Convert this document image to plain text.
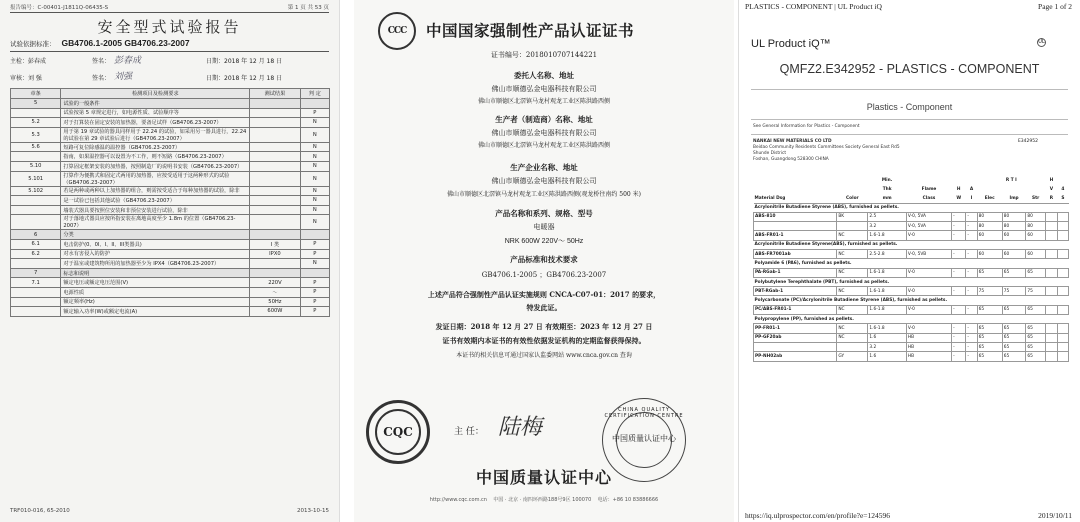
报告编号：C-00401-J1811Q-06435-S	第 1 页 共 53 页
安全型式试验报告
试验依据标准： GB4706.1-2005 GB4706.23-2007
主检：彭春成	签名： 彭春成	日期：2018 年 12 月 18 日
审核：刘 强	签名： 刘强	日期：2018 年 12 月 18 日
章条	检测项目及检测要求	测试结果	判 定
5	试验的一般条件		
	试验按第 5 章规定进行，如电源性质、试验顺序等		P
5.2	对于打算装在固定安装的加热器，要备足试样（GB4706.23-2007）		N
5.3	用于第 19 章试验的器具同样用于 22.24 的试验，如采用另一器具进行，22.24 的试验在第 29 章试验后进行（GB4706.23-2007）		N
5.6	短路可复位除感温的温控器（GB4706.23-2007）		N
	指南，如果温控器可以设置为不工作，则不短路（GB4706.23-2007）		N
5.10	打算固定框架安装的加热器，按照制造厂的说明书安装（GB4706.23-2007）		N
5.101	打算作为便携式和固定式两用的加热器，应按受适用于这两种形式的试验（GB4706.23-2007）		N
5.102	若是两种或两种以上加热器的组合，则需按受适合于每种加热器的试验，除非		N
	是一试验已包括其他试验（GB4706.23-2007）		N
	墙装式器具要按照位安装和非预位安装进行试验，除非		N
	对于落地式器具应按所指安装在离地高度至少 1.8m 的位置（GB4706.23-2007）		N
6	分类		
6.1	电击防护(0、0I、I、II、III类器具)	I 类	P
6.2	对水有害侵入的防护	IPX0	P
	对于温室或建筑物所用的加热器至少为 IPX4（GB4706.23-2007）		N
7	标志和说明		
7.1	额定电压或额定电压范围(V)	220V	P
	电源性质	～	P
	额定频率(Hz)	50Hz	P
	额定输入功率(W)或额定电流(A)	600W	P
TRF010-016, 65-2010	2013-10-15
CCC 中国国家强制性产品认证证书
证书编号：2018010707144221
委托人名称、地址
佛山市顺德弘金电器科技有限公司
佛山市顺德区北滘镇马龙村观龙工业区陈洪路西侧
生产者（制造商）名称、地址
佛山市顺德弘金电器科技有限公司
佛山市顺德区北滘镇马龙村观龙工业区陈洪路西侧
生产企业名称、地址
佛山市顺德弘金电器科技有限公司
佛山市顺德区北滘镇马龙村观龙工业区陈洪路西侧(观龙桥往南约 500 米)
产品名称和系列、规格、型号
电暖器
NRK 600W 220V～ 50Hz
产品标准和技术要求
GB4706.1-2005 ；GB4706.23-2007
上述产品符合强制性产品认证实施规则 CNCA-C07-01：2017 的要求，
特发此证。
发证日期：2018 年 12 月 27 日 有效期至：2023 年 12 月 27 日
证书有效期内本证书的有效性依据发证机构的定期监督获得保持。
本证书的相关信息可通过国家认监委网站 www.cnca.gov.cn 查询
CQC	主 任： 陆梅
CHINA QUALITY CERTIFICATION CENTRE
中国质量认证中心
中国质量认证中心
http://www.cqc.com.cn 中国 · 北京 · 南四环西路188号9区 100070 电话：+86 10 83886666
PLASTICS - COMPONENT | UL Product iQ	Page 1 of 2
UL Product iQ™	UL
QMFZ2.E342952 - PLASTICS - COMPONENT
Plastics - Component
See General Information for Plastics - Component
NANKAI NEW MATERIALS CO LTD
Beidao Community Residents Committees Society General East Rd5
Shunde District
Foshan, Guangdong 528300 CHINA
E342952
		Min.				R T I			H	
		Thk	Flame	H	A				V	4
Material Dsg	Color	mm	Class	W	I	Elec	Imp	Str	R	S
Acrylonitrile Butadiene Styrene (ABS), furnished as pellets.										
ABS-810	BK	2.5	V-0, 5VA	-	-	80	80	80		
		3.2	V-0, 5VA	-	-	80	80	80		
ABS-FR01-1	NC	1.6-1.8	V-0	-	-	60	60	60		
Acrylonitrile Butadiene Styrene(ABS), furnished as pellets.										
ABS-FR7001ab	NC	2.5-2.8	V-0, 5VB	-	-	60	60	60		
Polyamide 6 (PA6), furnished as pellets.										
PA-RGab-1	NC	1.6-1.8	V-0	-	-	65	65	65		
Polybutylene Terephthalate (PBT), furnished as pellets.										
PBT-RGab-1	NC	1.6-1.8	V-0	-	-	75	75	75		
Polycarbonate (PC)/Acrylonitrile Butadiene Styrene (ABS), furnished as pellets.										
PC/ABS-FR01-1	NC	1.6-1.8	V-0	-	-	65	65	65		
Polypropylene (PP), furnished as pellets.										
PP-FR01-1	NC	1.6-1.8	V-0	-	-	65	65	65		
PP-GF20ab	NC	1.6	HB	-	-	65	65	65		
		3.2	HB	-	-	65	65	65		
PP-NH02ab	GY	1.6	HB	-	-	65	65	65		
https://iq.ulprospector.com/en/profile?e=124596	2019/10/11
